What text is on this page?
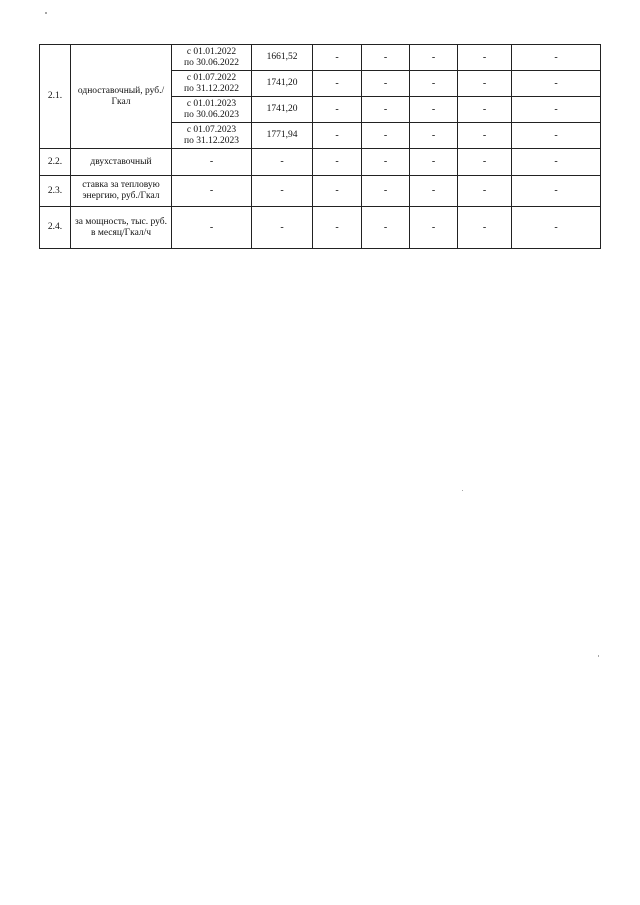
2.1.	одноставочный, руб./Гкал	с 01.01.2022
по 30.06.2022	1661,52	-	-	-	-	-
		с 01.07.2022
по 31.12.2022	1741,20	-	-	-	-	-
		с 01.01.2023
по 30.06.2023	1741,20	-	-	-	-	-
		с 01.07.2023
по 31.12.2023	1771,94	-	-	-	-	-
2.2.	двухставочный	-	-	-	-	-	-	-
2.3.	ставка за тепловую энергию, руб./Гкал	-	-	-	-	-	-	-
2.4.	за мощность, тыс. руб. в месяц/Гкал/ч	-	-	-	-	-	-	-
